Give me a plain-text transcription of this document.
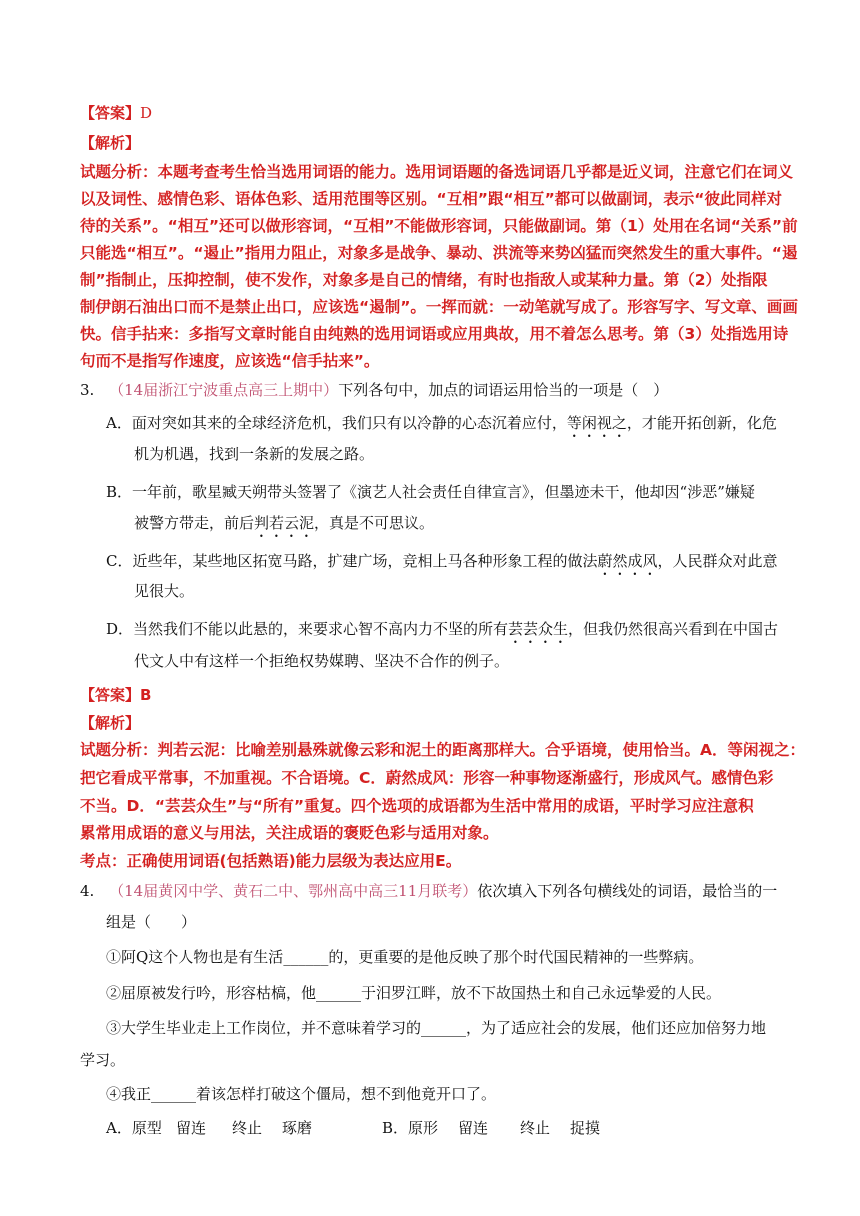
【答案】D
【解析】
试题分析：本题考查考生恰当选用词语的能力。选用词语题的备选词语几乎都是近义词，注意它们在词义
以及词性、感情色彩、语体色彩、适用范围等区别。“互相”跟“相互”都可以做副词，表示“彼此同样对
待的关系”。“相互”还可以做形容词，“互相”不能做形容词，只能做副词。第（1）处用在名词“关系”前
只能选“相互”。“遏止”指用力阻止，对象多是战争、暴动、洪流等来势凶猛而突然发生的重大事件。“遏
制”指制止，压抑控制，使不发作，对象多是自己的情绪，有时也指敌人或某种力量。第（2）处指限
制伊朗石油出口而不是禁止出口，应该选“遏制”。一挥而就：一动笔就写成了。形容写字、写文章、画画
快。信手拈来：多指写文章时能自由纯熟的选用词语或应用典故，用不着怎么思考。第（3）处指选用诗
句而不是指写作速度，应该选“信手拈来”。
3. （14届浙江宁波重点高三上期中）下列各句中，加点的词语运用恰当的一项是（　）
A．面对突如其来的全球经济危机，我们只有以冷静的心态沉着应付，等闲视之，才能开拓创新，化危
机为机遇，找到一条新的发展之路。
B．一年前，歌星臧天朔带头签署了《演艺人社会责任自律宣言》，但墨迹未干，他却因“涉恶”嫌疑
被警方带走，前后判若云泥，真是不可思议。
C．近些年，某些地区拓宽马路，扩建广场，竞相上马各种形象工程的做法蔚然成风，人民群众对此意
见很大。
D．当然我们不能以此悬的，来要求心智不高内力不坚的所有芸芸众生，但我仍然很高兴看到在中国古
代文人中有这样一个拒绝权势媒聘、坚决不合作的例子。
【答案】B
【解析】
试题分析：判若云泥：比喻差别悬殊就像云彩和泥土的距离那样大。合乎语境，使用恰当。A．等闲视之：
把它看成平常事，不加重视。不合语境。C．蔚然成风：形容一种事物逐渐盛行，形成风气。感情色彩
不当。D．“芸芸众生”与“所有”重复。四个选项的成语都为生活中常用的成语，平时学习应注意积
累常用成语的意义与用法，关注成语的褒贬色彩与适用对象。
考点：正确使用词语(包括熟语)能力层级为表达应用E。
4. （14届黄冈中学、黄石二中、鄂州高中高三11月联考）依次填入下列各句横线处的词语，最恰当的一
组是（　　）
①阿Q这个人物也是有生活______的，更重要的是他反映了那个时代国民精神的一些弊病。
②屈原被发行吟，形容枯槁，他______于汨罗江畔，放不下故国热土和自己永远挚爱的人民。
③大学生毕业走上工作岗位，并不意味着学习的______，为了适应社会的发展，他们还应加倍努力地
学习。
④我正______着该怎样打破这个僵局，想不到他竟开口了。
A．原型 留连 终止 琢磨	B．原形 留连 终止 捉摸
